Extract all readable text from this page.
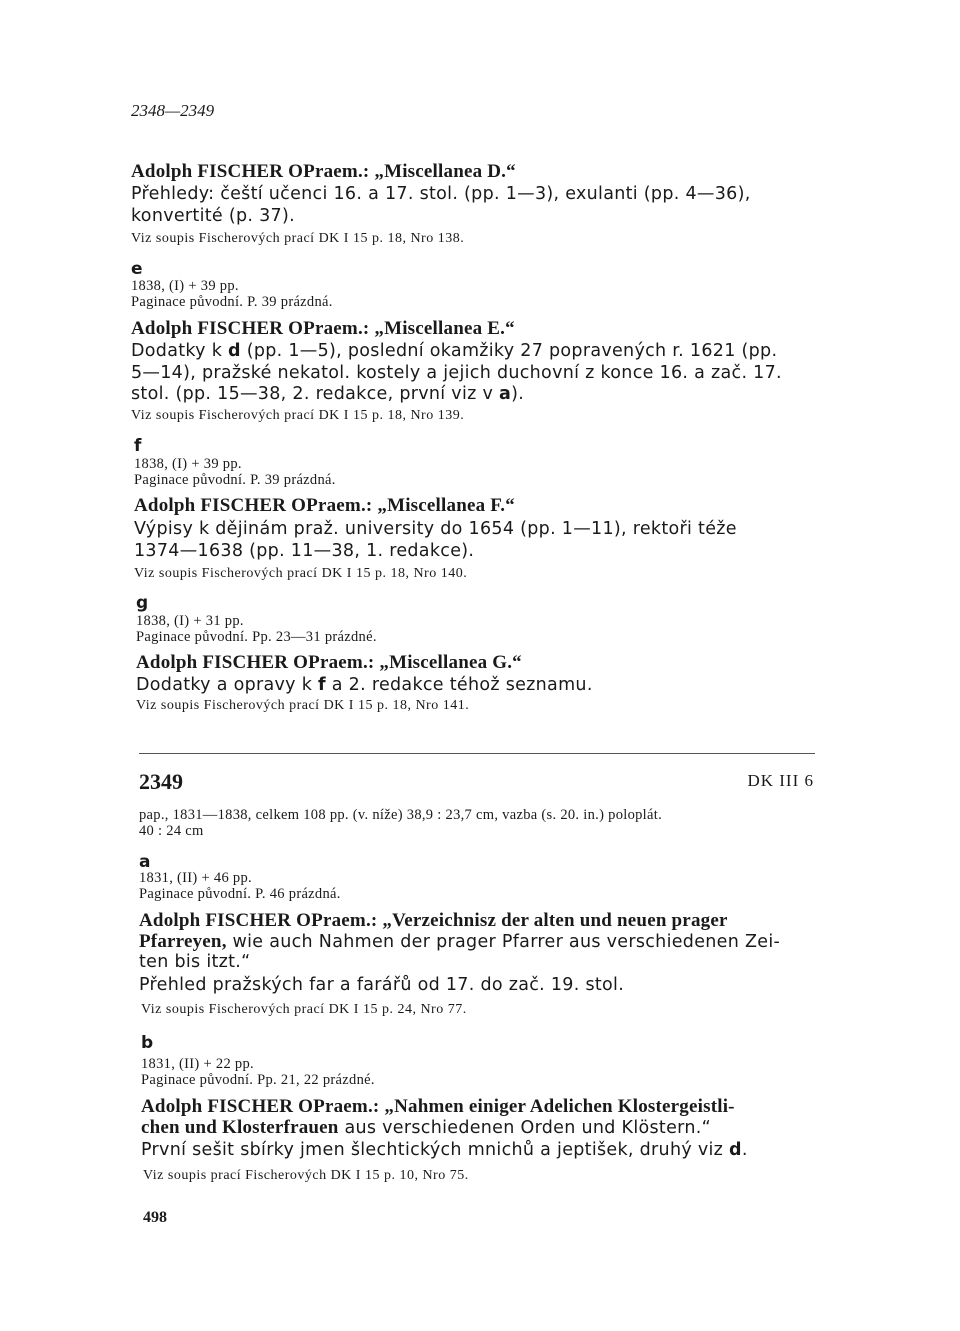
2348—2349
Adolph FISCHER OPraem.: „Miscellanea D.“
Přehledy: čeští učenci 16. a 17. stol. (pp. 1—3), exulanti (pp. 4—36),
konvertité (p. 37).
Viz soupis Fischerových prací DK I 15 p. 18, Nro 138.
e
1838, (I) + 39 pp.
Paginace původní. P. 39 prázdná.
Adolph FISCHER OPraem.: „Miscellanea E.“
Dodatky k d (pp. 1—5), poslední okamžiky 27 popravených r. 1621 (pp.
5—14), pražské nekatol. kostely a jejich duchovní z konce 16. a zač. 17.
stol. (pp. 15—38, 2. redakce, první viz v a).
Viz soupis Fischerových prací DK I 15 p. 18, Nro 139.
f
1838, (I) + 39 pp.
Paginace původní. P. 39 prázdná.
Adolph FISCHER OPraem.: „Miscellanea F.“
Výpisy k dějinám praž. university do 1654 (pp. 1—11), rektoři téže
1374—1638 (pp. 11—38, 1. redakce).
Viz soupis Fischerových prací DK I 15 p. 18, Nro 140.
g
1838, (I) + 31 pp.
Paginace původní. Pp. 23—31 prázdné.
Adolph FISCHER OPraem.: „Miscellanea G.“
Dodatky a opravy k f a 2. redakce téhož seznamu.
Viz soupis Fischerových prací DK I 15 p. 18, Nro 141.
2349	DK III 6
pap., 1831—1838, celkem 108 pp. (v. níže) 38,9 : 23,7 cm, vazba (s. 20. in.) poloplát.
40 : 24 cm
a
1831, (II) + 46 pp.
Paginace původní. P. 46 prázdná.
Adolph FISCHER OPraem.: „Verzeichnisz der alten und neuen prager
Pfarreyen, wie auch Nahmen der prager Pfarrer aus verschiedenen Zei-
ten bis itzt.“
Přehled pražských far a farářů od 17. do zač. 19. stol.
Viz soupis Fischerových prací DK I 15 p. 24, Nro 77.
b
1831, (II) + 22 pp.
Paginace původní. Pp. 21, 22 prázdné.
Adolph FISCHER OPraem.: „Nahmen einiger Adelichen Klostergeistli-
chen und Klosterfrauen aus verschiedenen Orden und Klöstern.“
První sešit sbírky jmen šlechtických mnichů a jeptišek, druhý viz d.
Viz soupis prací Fischerových DK I 15 p. 10, Nro 75.
498
